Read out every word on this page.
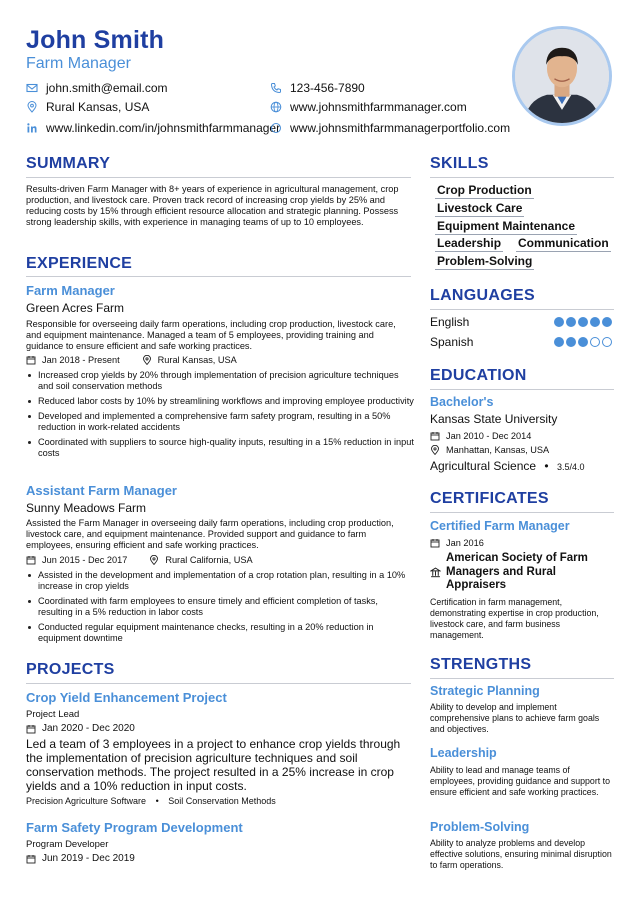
John Smith
Farm Manager
john.smith@email.com	123-456-7890
Rural Kansas, USA	www.johnsmithfarmmanager.com
www.linkedin.com/in/johnsmithfarmmanager www.johnsmithfarmmanagerportfolio.com
SUMMARY
Results-driven Farm Manager with 8+ years of experience in agricultural management, crop production, and livestock care. Proven track record of increasing crop yields by 25% and reducing costs by 15% through efficient resource allocation and strategic planning. Possess strong leadership skills, with experience in managing teams of up to 10 employees.
EXPERIENCE
Farm Manager
Green Acres Farm
Responsible for overseeing daily farm operations, including crop production, livestock care, and equipment maintenance. Managed a team of 5 employees, providing training and guidance to ensure efficient and safe working practices.
Jan 2018 - Present	Rural Kansas, USA
Increased crop yields by 20% through implementation of precision agriculture techniques and soil conservation methods
Reduced labor costs by 10% by streamlining workflows and improving employee productivity
Developed and implemented a comprehensive farm safety program, resulting in a 50% reduction in work-related accidents
Coordinated with suppliers to source high-quality inputs, resulting in a 15% reduction in input costs
Assistant Farm Manager
Sunny Meadows Farm
Assisted the Farm Manager in overseeing daily farm operations, including crop production, livestock care, and equipment maintenance. Provided support and guidance to farm employees, ensuring efficient and safe working practices.
Jun 2015 - Dec 2017	Rural California, USA
Assisted in the development and implementation of a crop rotation plan, resulting in a 10% increase in crop yields
Coordinated with farm employees to ensure timely and efficient completion of tasks, resulting in a 5% reduction in labor costs
Conducted regular equipment maintenance checks, resulting in a 20% reduction in equipment downtime
PROJECTS
Crop Yield Enhancement Project
Project Lead
Jan 2020 - Dec 2020
Led a team of 3 employees in a project to enhance crop yields through the implementation of precision agriculture techniques and soil conservation methods. The project resulted in a 25% increase in crop yields and a 10% reduction in input costs.
Precision Agriculture Software • Soil Conservation Methods
Farm Safety Program Development
Program Developer
Jun 2019 - Dec 2019
SKILLS
Crop Production
Livestock Care
Equipment Maintenance
Leadership Communication
Problem-Solving
LANGUAGES
English
Spanish
EDUCATION
Bachelor's
Kansas State University
Jan 2010 - Dec 2014
Manhattan, Kansas, USA
Agricultural Science • 3.5/4.0
CERTIFICATES
Certified Farm Manager
Jan 2016
American Society of Farm Managers and Rural Appraisers
Certification in farm management, demonstrating expertise in crop production, livestock care, and farm business management.
STRENGTHS
Strategic Planning
Ability to develop and implement comprehensive plans to achieve farm goals and objectives.
Leadership
Ability to lead and manage teams of employees, providing guidance and support to ensure efficient and safe working practices.
Problem-Solving
Ability to analyze problems and develop effective solutions, ensuring minimal disruption to farm operations.
